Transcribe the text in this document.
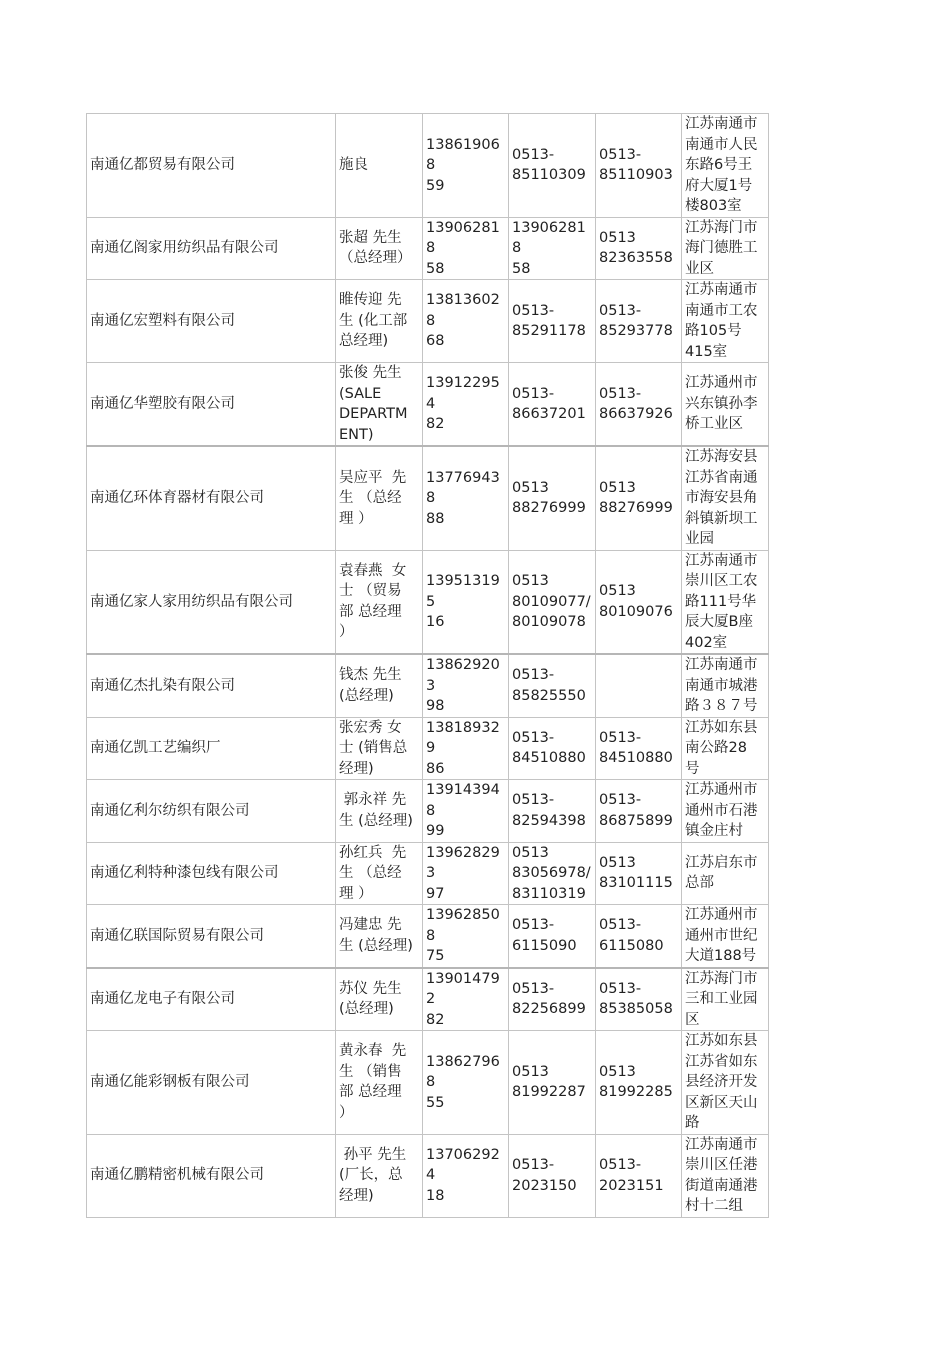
南通亿都贸易有限公司	施良	138619068
59	0513-
85110309	0513-
85110903	江苏南通市
南通市人民
东路6号王
府大厦1号
楼803室
南通亿阁家用纺织品有限公司	张超 先生
（总经理）	139062818
58	139062818
58	0513
82363558	江苏海门市
海门德胜工
业区
南通亿宏塑料有限公司	睢传迎 先
生 (化工部
总经理)	138136028
68	0513-
85291178	0513-
85293778	江苏南通市
南通市工农
路105号
415室
南通亿华塑胶有限公司	张俊 先生
(SALE
DEPARTM
ENT)	139122954
82	0513-
86637201	0513-
86637926	江苏通州市
兴东镇孙李
桥工业区
南通亿环体育器材有限公司	吴应平  先
生 （总经
理 ）	137769438
88	0513
88276999	0513
88276999	江苏海安县
江苏省南通
市海安县角
斜镇新坝工
业园
南通亿家人家用纺织品有限公司	袁春燕  女
士 （贸易
部 总经理
）	139513195
16	0513
80109077/
80109078	0513
80109076	江苏南通市
崇川区工农
路111号华
辰大厦B座
402室
南通亿杰扎染有限公司	钱杰 先生
(总经理)	138629203
98	0513-
85825550		江苏南通市
南通市城港
路３８７号
南通亿凯工艺编织厂	张宏秀 女
士 (销售总
经理)	138189329
86	0513-
84510880	0513-
84510880	江苏如东县
南公路28
号
南通亿利尔纺织有限公司	郭永祥 先
生 (总经理)	139143948
99	0513-
82594398	0513-
86875899	江苏通州市
通州市石港
镇金庄村
南通亿利特种漆包线有限公司	孙红兵  先
生 （总经
理 ）	139628293
97	0513
83056978/
83110319	0513
83101115	江苏启东市
总部
南通亿联国际贸易有限公司	冯建忠 先
生 (总经理)	139628508
75	0513-
6115090	0513-
6115080	江苏通州市
通州市世纪
大道188号
南通亿龙电子有限公司	苏仪 先生
(总经理)	139014792
82	0513-
82256899	0513-
85385058	江苏海门市
三和工业园
区
南通亿能彩钢板有限公司	黄永春  先
生 （销售
部 总经理
）	138627968
55	0513
81992287	0513
81992285	江苏如东县
江苏省如东
县经济开发
区新区天山
路
南通亿鹏精密机械有限公司	孙平 先生
(厂长，总
经理)	137062924
18	0513-
2023150	0513-
2023151	江苏南通市
崇川区任港
街道南通港
村十二组
